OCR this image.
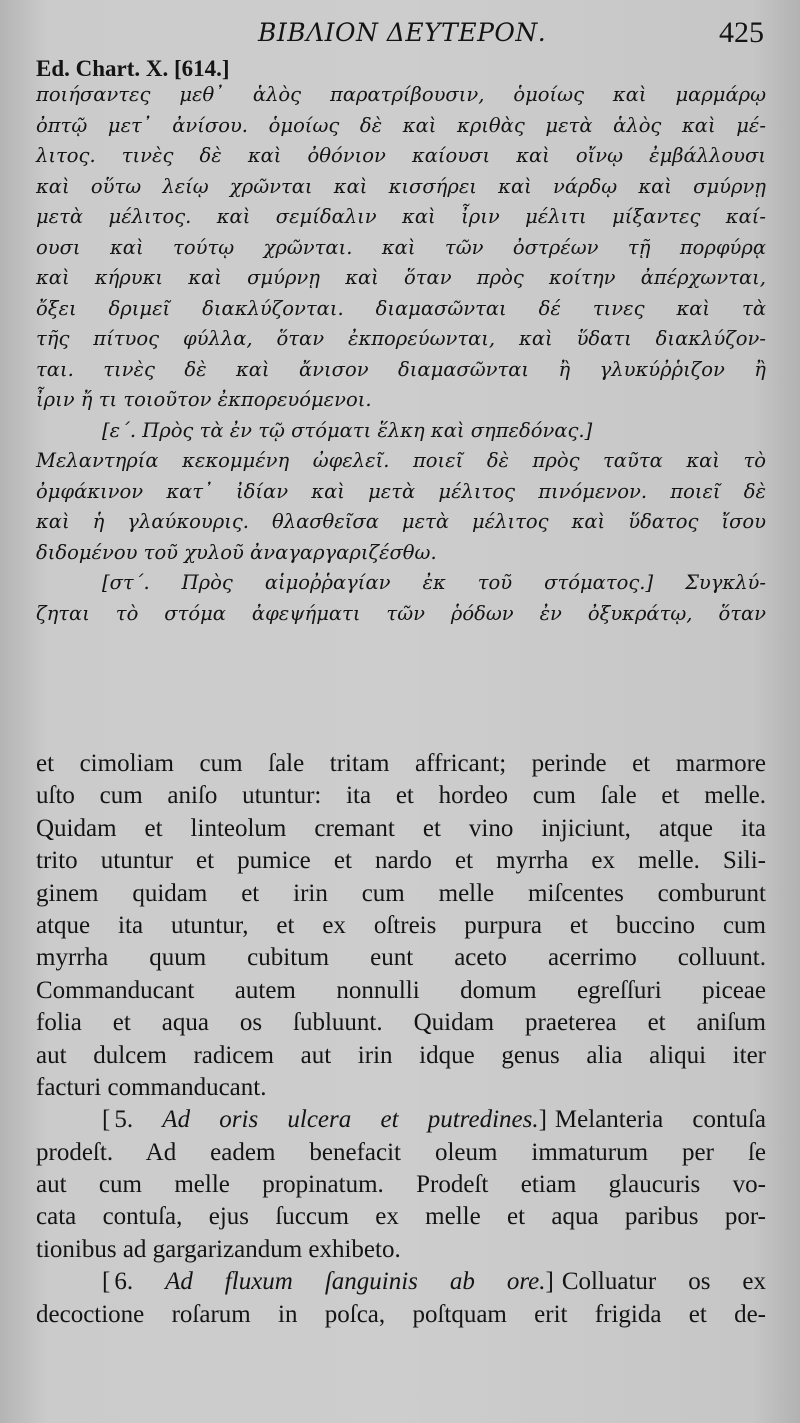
ΒΙΒΛΙΟΝ ΔΕΥΤΕΡΟΝ.	425
Ed. Chart. X. [614.]
ποιήσαντες μεθ᾽ ἁλὸς παρατρίβουσιν, ὁμοίως καὶ μαρμάρῳ
ὀπτῷ μετ᾽ ἀνίσου. ὁμοίως δὲ καὶ κριθὰς μετὰ ἁλὸς καὶ μέ-
λιτος. τινὲς δὲ καὶ ὀθόνιον καίουσι καὶ οἴνῳ ἐμβάλλουσι
καὶ οὕτω λείῳ χρῶνται καὶ κισσήρει καὶ νάρδῳ καὶ σμύρνῃ
μετὰ μέλιτος. καὶ σεμίδαλιν καὶ ἶριν μέλιτι μίξαντες καί-
ουσι καὶ τούτῳ χρῶνται. καὶ τῶν ὀστρέων τῇ πορφύρᾳ
καὶ κήρυκι καὶ σμύρνῃ καὶ ὅταν πρὸς κοίτην ἀπέρχωνται,
ὄξει δριμεῖ διακλύζονται. διαμασῶνται δέ τινες καὶ τὰ
τῆς πίτυος φύλλα, ὅταν ἐκπορεύωνται, καὶ ὕδατι διακλύζον-
ται. τινὲς δὲ καὶ ἄνισον διαμασῶνται ἢ γλυκύῤῥιζον ἢ
ἶριν ἤ τι τοιοῦτον ἐκπορευόμενοι.
[ε΄. Πρὸς τὰ ἐν τῷ στόματι ἕλκη καὶ σηπεδόνας.]
Μελαντηρία κεκομμένη ὠφελεῖ. ποιεῖ δὲ πρὸς ταῦτα καὶ τὸ
ὀμφάκινον κατ᾽ ἰδίαν καὶ μετὰ μέλιτος πινόμενον. ποιεῖ δὲ
καὶ ἡ γλαύκουρις. θλασθεῖσα μετὰ μέλιτος καὶ ὕδατος ἴσου
διδομένου τοῦ χυλοῦ ἀναγαργαριζέσθω.
[στ΄. Πρὸς αἱμοῤῥαγίαν ἐκ τοῦ στόματος.] Συγκλύ-
ζηται τὸ στόμα ἀφεψήματι τῶν ῥόδων ἐν ὀξυκράτῳ, ὅταν
et cimoliam cum ſale tritam affricant; perinde et marmore
uſto cum aniſo utuntur: ita et hordeo cum ſale et melle.
Quidam et linteolum cremant et vino injiciunt, atque ita
trito utuntur et pumice et nardo et myrrha ex melle. Sili-
ginem quidam et irin cum melle miſcentes comburunt
atque ita utuntur, et ex oſtreis purpura et buccino cum
myrrha quum cubitum eunt aceto acerrimo colluunt.
Commanducant autem nonnulli domum egreſſuri piceae
folia et aqua os ſubluunt. Quidam praeterea et aniſum
aut dulcem radicem aut irin idque genus alia aliqui iter
facturi commanducant.
[ 5. Ad oris ulcera et putredines.] Melanteria contuſa
prodeſt. Ad eadem benefacit oleum immaturum per ſe
aut cum melle propinatum. Prodeſt etiam glaucuris vo-
cata contuſa, ejus ſuccum ex melle et aqua paribus por-
tionibus ad gargarizandum exhibeto.
[ 6. Ad fluxum ſanguinis ab ore.] Colluatur os ex
decoctione roſarum in poſca, poſtquam erit frigida et de-
